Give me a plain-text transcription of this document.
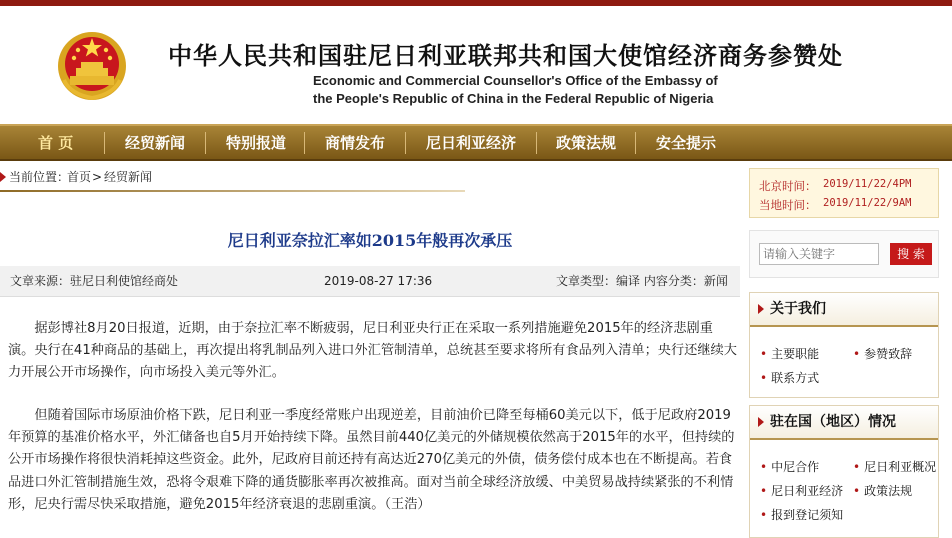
中华人民共和国驻尼日利亚联邦共和国大使馆经济商务参赞处
Economic and Commercial Counsellor's Office of the Embassy of
the People's Republic of China in the Federal Republic of Nigeria
首 页	经贸新闻	特别报道	商情发布	尼日利亚经济	政策法规	安全提示
当前位置：
首页 > 经贸新闻
尼日利亚奈拉汇率如2015年般再次承压
文章来源：驻尼日利使馆经商处	2019-08-27 17:36	文章类型：编译 内容分类：新闻

据彭博社8月20日报道，近期，由于奈拉汇率不断疲弱，尼日利亚央行正在采取一系列措施避免2015年的经济悲剧重演。央行在41种商品的基础上，再次提出将乳制品列入进口外汇管制清单，总统甚至要求将所有食品列入清单；央行还继续大力开展公开市场操作，向市场投入美元等外汇。

但随着国际市场原油价格下跌，尼日利亚一季度经常账户出现逆差，目前油价已降至每桶60美元以下，低于尼政府2019年预算的基准价格水平，外汇储备也自5月开始持续下降。虽然目前440亿美元的外储规模依然高于2015年的水平，但持续的公开市场操作将很快消耗掉这些资金。此外，尼政府目前还持有高达近270亿美元的外债，债务偿付成本也在不断提高。若食品进口外汇管制措施生效，恐将令艰难下降的通货膨胀率再次被推高。面对当前全球经济放缓、中美贸易战持续紧张的不利情形，尼央行需尽快采取措施，避免2015年经济衰退的悲剧重演。（王浩）

北京时间： 2019/11/22/4PM
当地时间： 2019/11/22/9AM
请输入关键字
搜 索
关于我们
• 主要职能	• 参赞致辞
• 联系方式
驻在国（地区）情况
• 中尼合作	• 尼日利亚概况
• 尼日利亚经济	• 政策法规
• 报到登记须知
